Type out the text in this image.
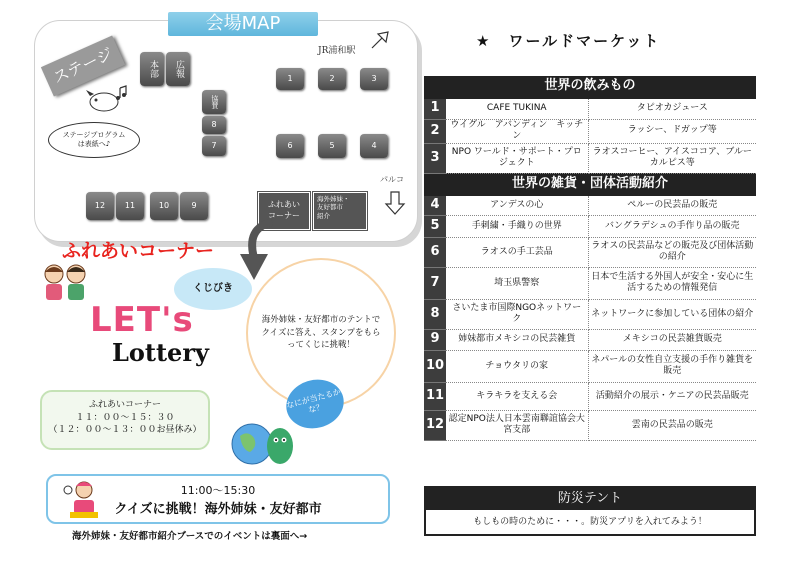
会場MAP
ステージ	JR浦和駅
本部	広報
1	2	3
協賛
8
7	6	5	4
12	11	10	9
ステージプログラム
は表紙へ♪
パルコ
ふれあい
コーナー
海外姉妹・
友好都市
紹介
ふれあいコーナー
くじびき
LET's
Lottery
海外姉妹・友好都市のテントでクイズに答え、スタンプをもらってくじに挑戦！
なにが当たるかな？
ふれあいコーナー
１１：００～１５：３０
（１２：００～１３：００お昼休み）
11:00～15:30
クイズに挑戦！海外姉妹・友好都市
海外姉妹・友好都市紹介ブースでのイベントは裏面へ→
★　ワールドマーケット
世界の飲みもの		
1	CAFE TUKINA	タピオカジュース
2	ウイグル　アバンディン　キッチン	ラッシー、ドガップ等
3	NPO ワールド・サポート・プロジェクト	ラオスコーヒー、アイスココア、ブルーカルピス等
世界の雑貨・団体活動紹介		
4	アンデスの心	ペルーの民芸品の販売
5	手刺繍・手織りの世界	バングラデシュの手作り品の販売
6	ラオスの手工芸品	ラオスの民芸品などの販売及び団体活動の紹介
7	埼玉県警察	日本で生活する外国人が安全・安心に生活するための情報発信
8	さいたま市国際NGOネットワーク	ネットワークに参加している団体の紹介
9	姉妹都市メキシコの民芸雑貨	メキシコの民芸雑貨販売
10	チョウタリの家	ネパールの女性自立支援の手作り雑貨を販売
11	キラキラを支える会	活動紹介の展示・ケニアの民芸品販売
12	認定NPO法人日本雲南聯誼協会大宮支部	雲南の民芸品の販売
防災テント
もしもの時のために・・・。防災アプリを入れてみよう！
